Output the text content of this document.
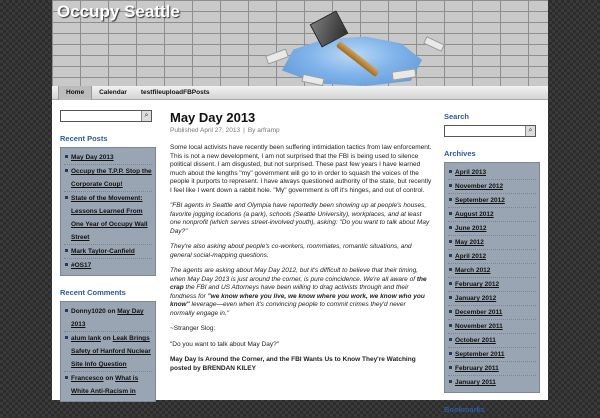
Occupy Seattle
Home	Calendar	testfileuploadFBPosts
⌕
Recent Posts
May Day 2013
Occupy the T.P.P. Stop the Corporate Coup!
State of the Movement: Lessons Learned From One Year of Occupy Wall Street
Mark Taylor-Canfield
#OS17
Recent Comments
Donny1020 on May Day 2013
alum lank on Leak Brings Safety of Hanford Nuclear Site Info Question
Francesco on What is White Anti-Racism in
May Day 2013
Published April 27, 2013 | By arframp

Some local activists have recently been suffering intimidation tactics from law enforcement. This is not a new development, I am not surprised that the FBI is being used to silence political dissent. I am disgusted, but not surprised. These past few years I have learned much about the lengths "my" government will go to in order to squash the voices of the people it purports to represent. I have always questioned authority of the state, but recently I feel like I went down a rabbit hole. "My" government is off it's hinges, and out of control.

"FBI agents in Seattle and Olympia have reportedly been showing up at people's houses, favorite jogging locations (a park), schools (Seattle University), workplaces, and at least one nonprofit (which serves street-involved youth), asking: "Do you want to talk about May Day?"

They're also asking about people's co-workers, roommates, romantic situations, and general social-mapping questions.

The agents are asking about May Day 2012, but it's difficult to believe that their timing, when May Day 2013 is just around the corner, is pure coincidence. We're all aware of the crap the FBI and US Attorneys have been willing to drag activists through and their fondness for "we know where you live, we know where you work, we know who you know" leverage—even when it's convincing people to commit crimes they'd never normally engage in."

~Stranger Slog:

"Do you want to talk about May Day?"

May Day Is Around the Corner, and the FBI Wants Us to Know They're Watching posted by BRENDAN KILEY

Search
⌕
Archives
April 2013
November 2012
September 2012
August 2012
June 2012
May 2012
April 2012
March 2012
February 2012
January 2012
December 2011
November 2011
October 2011
September 2011
February 2011
January 2011
Bookmarks
